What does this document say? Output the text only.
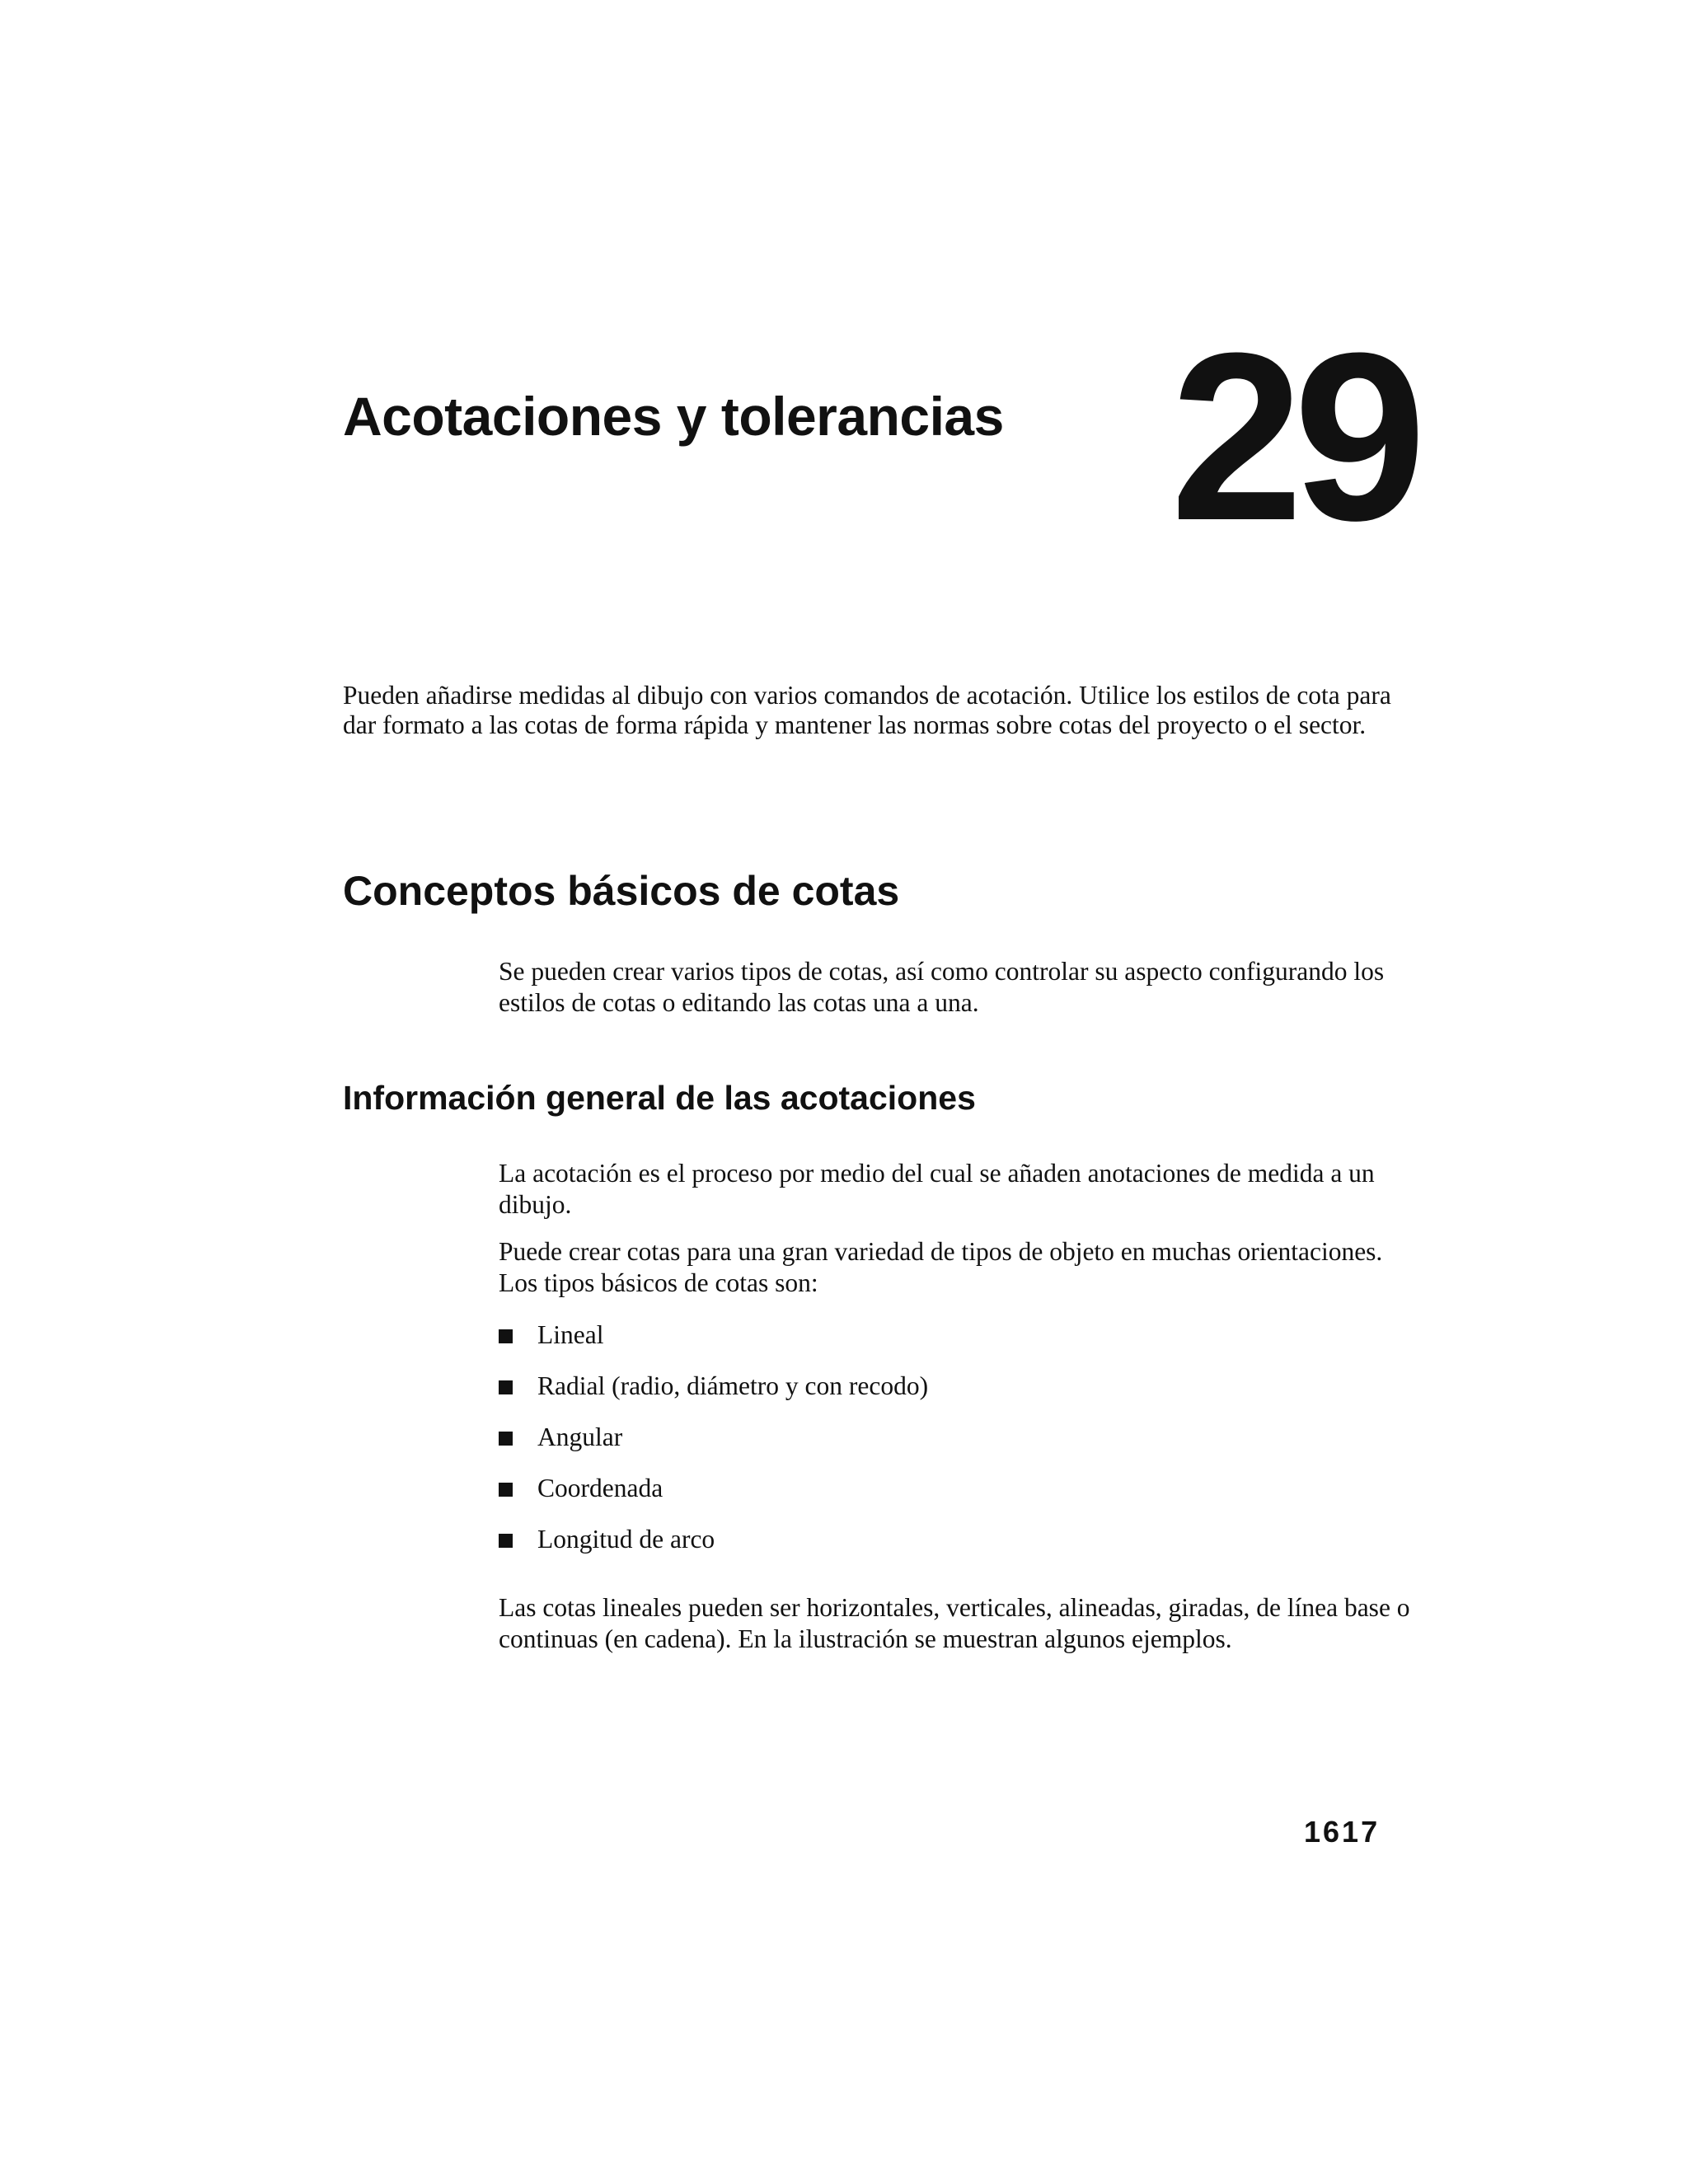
Acotaciones y tolerancias 29

Pueden añadirse medidas al dibujo con varios comandos de acotación. Utilice los estilos de cota para dar formato a las cotas de forma rápida y mantener las normas sobre cotas del proyecto o el sector.

Conceptos básicos de cotas

Se pueden crear varios tipos de cotas, así como controlar su aspecto configurando los estilos de cotas o editando las cotas una a una.

Información general de las acotaciones

La acotación es el proceso por medio del cual se añaden anotaciones de medida a un dibujo.

Puede crear cotas para una gran variedad de tipos de objeto en muchas orientaciones. Los tipos básicos de cotas son:

Lineal
Radial (radio, diámetro y con recodo)
Angular
Coordenada
Longitud de arco

Las cotas lineales pueden ser horizontales, verticales, alineadas, giradas, de línea base o continuas (en cadena). En la ilustración se muestran algunos ejemplos.

1617
